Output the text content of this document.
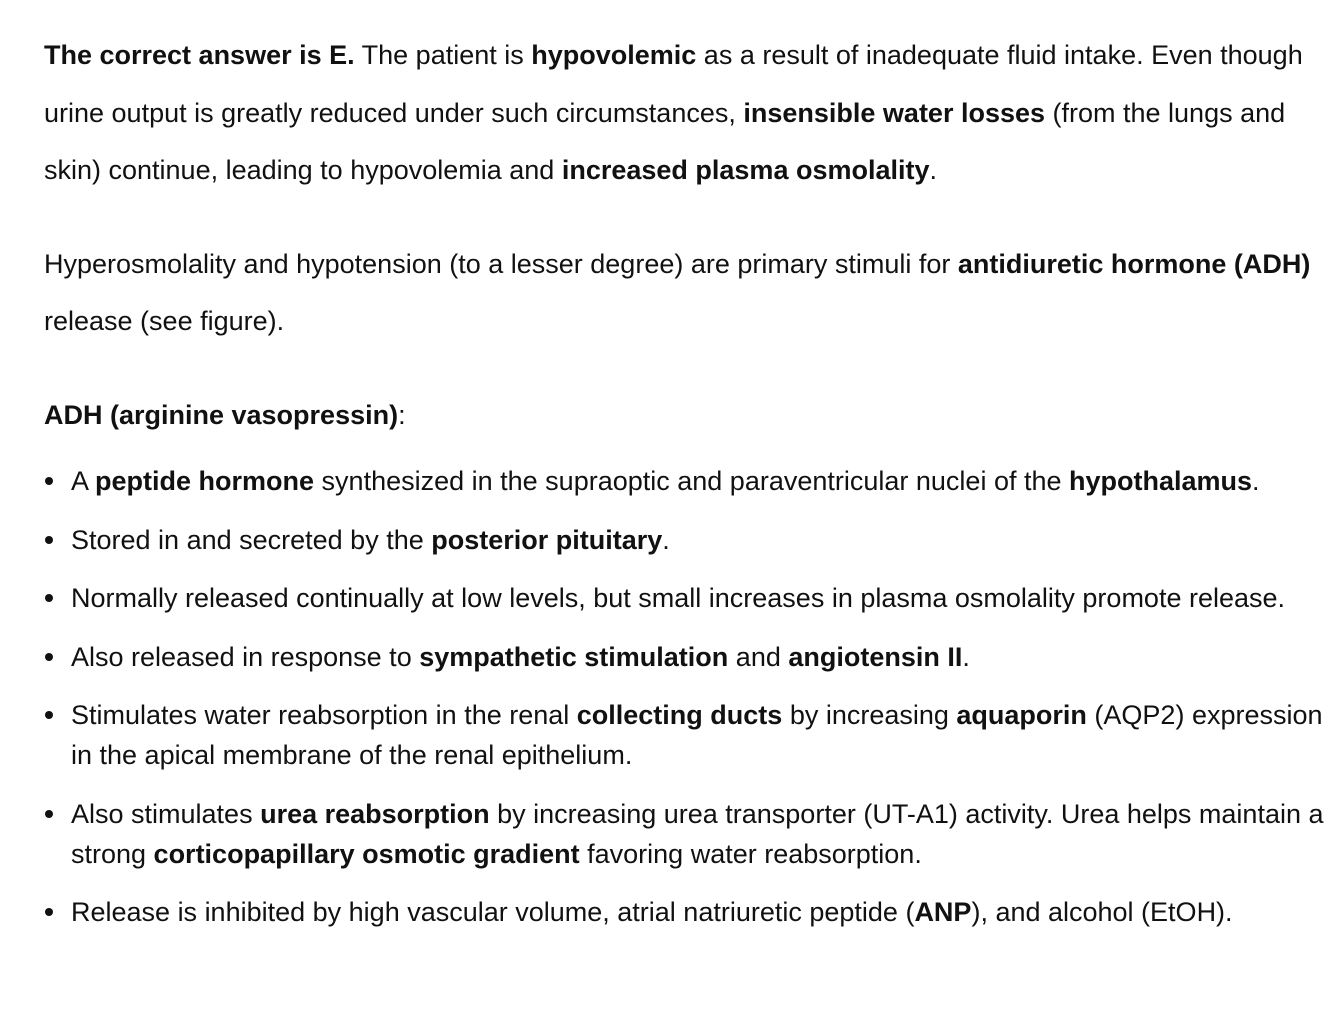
The correct answer is E. The patient is hypovolemic as a result of inadequate fluid intake. Even though urine output is greatly reduced under such circumstances, insensible water losses (from the lungs and skin) continue, leading to hypovolemia and increased plasma osmolality.

Hyperosmolality and hypotension (to a lesser degree) are primary stimuli for antidiuretic hormone (ADH) release (see figure).

ADH (arginine vasopressin):

A peptide hormone synthesized in the supraoptic and paraventricular nuclei of the hypothalamus.
Stored in and secreted by the posterior pituitary.
Normally released continually at low levels, but small increases in plasma osmolality promote release.
Also released in response to sympathetic stimulation and angiotensin II.
Stimulates water reabsorption in the renal collecting ducts by increasing aquaporin (AQP2) expression in the apical membrane of the renal epithelium.
Also stimulates urea reabsorption by increasing urea transporter (UT-A1) activity. Urea helps maintain a strong corticopapillary osmotic gradient favoring water reabsorption.
Release is inhibited by high vascular volume, atrial natriuretic peptide (ANP), and alcohol (EtOH).
